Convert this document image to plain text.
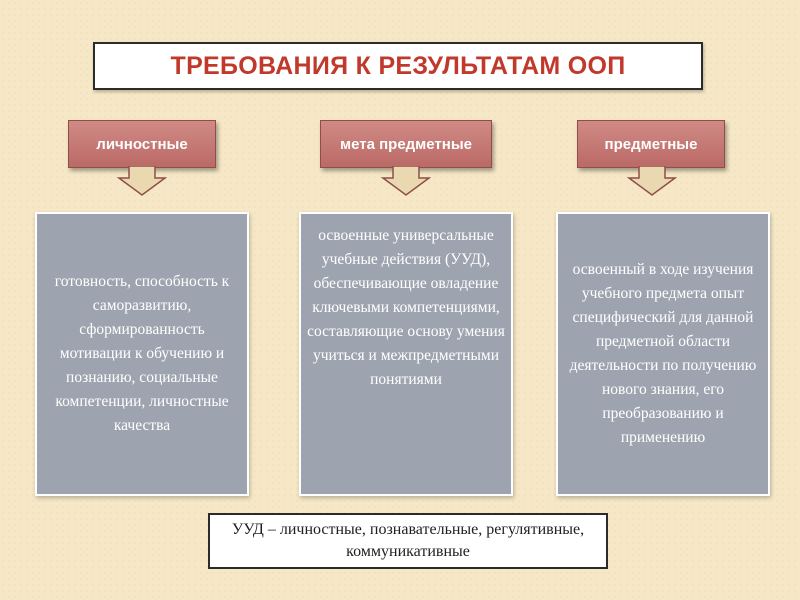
ТРЕБОВАНИЯ К РЕЗУЛЬТАТАМ ООП
личностные
готовность, способность к саморазвитию, сформированность мотивации к обучению и познанию, социальные компетенции, личностные качества
мета предметные
освоенные универсальные учебные действия (УУД), обеспечивающие овладение ключевыми компетенциями, составляющие основу умения учиться и межпредметными понятиями
предметные
освоенный в ходе изучения учебного предмета опыт специфический для данной предметной области деятельности по получению нового знания, его преобразованию и применению
УУД – личностные, познавательные, регулятивные, коммуникативные
